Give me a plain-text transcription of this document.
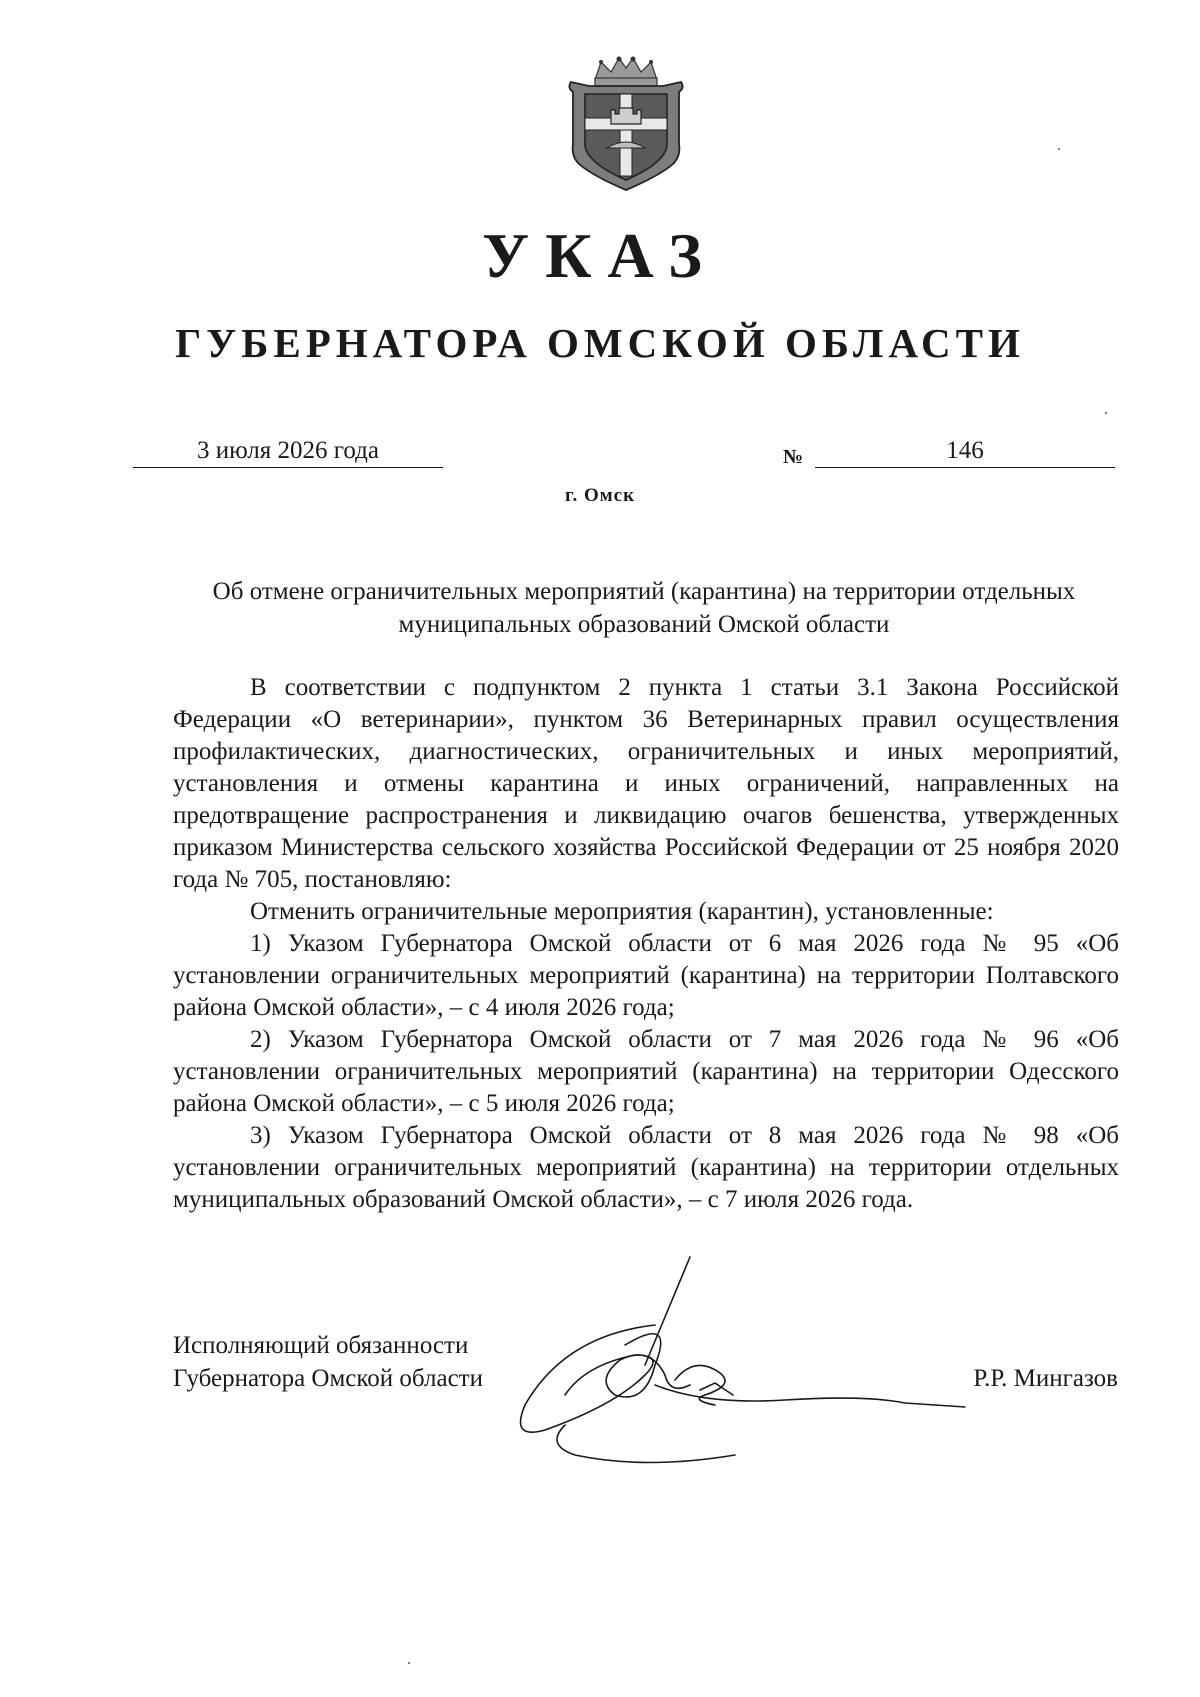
УКАЗ
ГУБЕРНАТОРА ОМСКОЙ ОБЛАСТИ
3 июля 2026 года	№	146
г. Омск
Об отмене ограничительных мероприятий (карантина) на территории отдельных муниципальных образований Омской области

В соответствии с подпунктом 2 пункта 1 статьи 3.1 Закона Российской Федерации «О ветеринарии», пунктом 36 Ветеринарных правил осуществления профилактических, диагностических, ограничительных и иных мероприятий, установления и отмены карантина и иных ограничений, направленных на предотвращение распространения и ликвидацию очагов бешенства, утвержденных приказом Министерства сельского хозяйства Российской Федерации от 25 ноября 2020 года № 705, постановляю:

Отменить ограничительные мероприятия (карантин), установленные:

1) Указом Губернатора Омской области от 6 мая 2026 года № 95 «Об установлении ограничительных мероприятий (карантина) на территории Полтавского района Омской области», – с 4 июля 2026 года;

2) Указом Губернатора Омской области от 7 мая 2026 года № 96 «Об установлении ограничительных мероприятий (карантина) на территории Одесского района Омской области», – с 5 июля 2026 года;

3) Указом Губернатора Омской области от 8 мая 2026 года № 98 «Об установлении ограничительных мероприятий (карантина) на территории отдельных муниципальных образований Омской области», – с 7 июля 2026 года.

Исполняющий обязанности
Губернатора Омской области	Р.Р. Мингазов
